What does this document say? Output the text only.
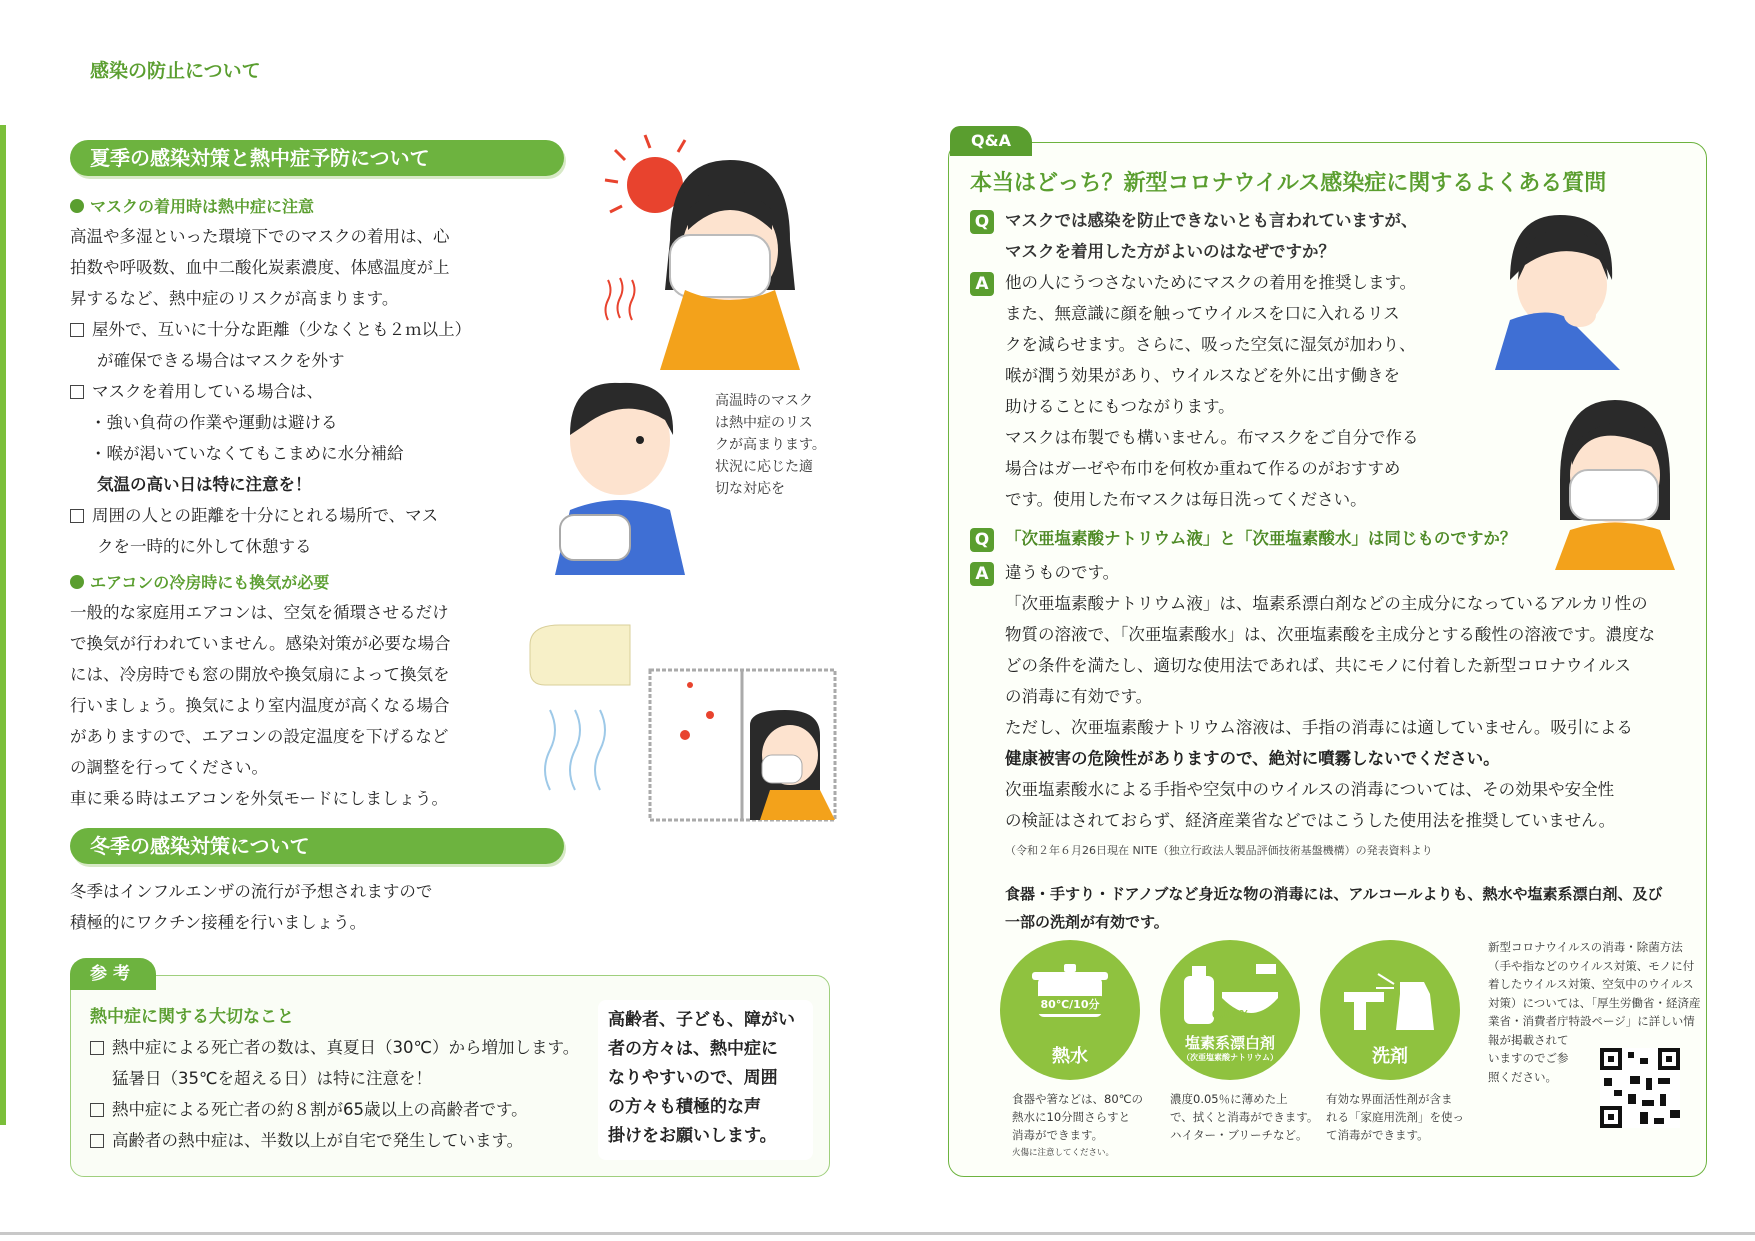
感染の防止について
夏季の感染対策と熱中症予防について
マスクの着用時は熱中症に注意
高温や多湿といった環境下でのマスクの着用は、心
拍数や呼吸数、血中二酸化炭素濃度、体感温度が上
昇するなど、熱中症のリスクが高まります。
屋外で、互いに十分な距離（少なくとも２ｍ以上）
が確保できる場合はマスクを外す
マスクを着用している場合は、
・強い負荷の作業や運動は避ける
・喉が渇いていなくてもこまめに水分補給
気温の高い日は特に注意を！
周囲の人との距離を十分にとれる場所で、マス
クを一時的に外して休憩する
高温時のマスク
は熱中症のリス
クが高まります。
状況に応じた適
切な対応を
エアコンの冷房時にも換気が必要
一般的な家庭用エアコンは、空気を循環させるだけ
で換気が行われていません。感染対策が必要な場合
には、冷房時でも窓の開放や換気扇によって換気を
行いましょう。換気により室内温度が高くなる場合
がありますので、エアコンの設定温度を下げるなど
の調整を行ってください。
車に乗る時はエアコンを外気モードにしましょう。
冬季の感染対策について
冬季はインフルエンザの流行が予想されますので
積極的にワクチン接種を行いましょう。
参考
熱中症に関する大切なこと
熱中症による死亡者の数は、真夏日（30℃）から増加します。
猛暑日（35℃を超える日）は特に注意を！
熱中症による死亡者の約８割が65歳以上の高齢者です。
高齢者の熱中症は、半数以上が自宅で発生しています。
高齢者、子ども、障がい
者の方々は、熱中症に
なりやすいので、周囲
の方々も積極的な声
掛けをお願いします。
Q&A
本当はどっち？新型コロナウイルス感染症に関するよくある質問
Q マスクでは感染を防止できないとも言われていますが、
マスクを着用した方がよいのはなぜですか？
A 他の人にうつさないためにマスクの着用を推奨します。
また、無意識に顔を触ってウイルスを口に入れるリス
クを減らせます。さらに、吸った空気に湿気が加わり、
喉が潤う効果があり、ウイルスなどを外に出す働きを
助けることにもつながります。
マスクは布製でも構いません。布マスクをご自分で作る
場合はガーゼや布巾を何枚か重ねて作るのがおすすめ
です。使用した布マスクは毎日洗ってください。
Q 「次亜塩素酸ナトリウム液」と「次亜塩素酸水」は同じものですか？
A 違うものです。
「次亜塩素酸ナトリウム液」は、塩素系漂白剤などの主成分になっているアルカリ性の
物質の溶液で、「次亜塩素酸水」は、次亜塩素酸を主成分とする酸性の溶液です。濃度な
どの条件を満たし、適切な使用法であれば、共にモノに付着した新型コロナウイルス
の消毒に有効です。
ただし、次亜塩素酸ナトリウム溶液は、手指の消毒には適していません。吸引による
健康被害の危険性がありますので、絶対に噴霧しないでください。
次亜塩素酸水による手指や空気中のウイルスの消毒については、その効果や安全性
の検証はされておらず、経済産業省などではこうした使用法を推奨していません。
（令和２年６月26日現在 NITE（独立行政法人製品評価技術基盤機構）の発表資料より
食器・手すり・ドアノブなど身近な物の消毒には、アルコールよりも、熱水や塩素系漂白剤、及び
一部の洗剤が有効です。
80℃/10分
熱水
0.05%
塩素系漂白剤
（次亜塩素酸ナトリウム）	洗剤
食器や箸などは、80℃の
熱水に10分間さらすと
消毒ができます。
火傷に注意してください。
濃度0.05％に薄めた上
で、拭くと消毒ができます。
ハイター・ブリーチなど。
有効な界面活性剤が含ま
れる「家庭用洗剤」を使っ
て消毒ができます。
新型コロナウイルスの消毒・除菌方法
（手や指などのウイルス対策、モノに付
着したウイルス対策、空気中のウイルス
対策）については、「厚生労働省・経済産
業省・消費者庁特設ページ」に詳しい情
報が掲載されて
いますのでご参
照ください。
